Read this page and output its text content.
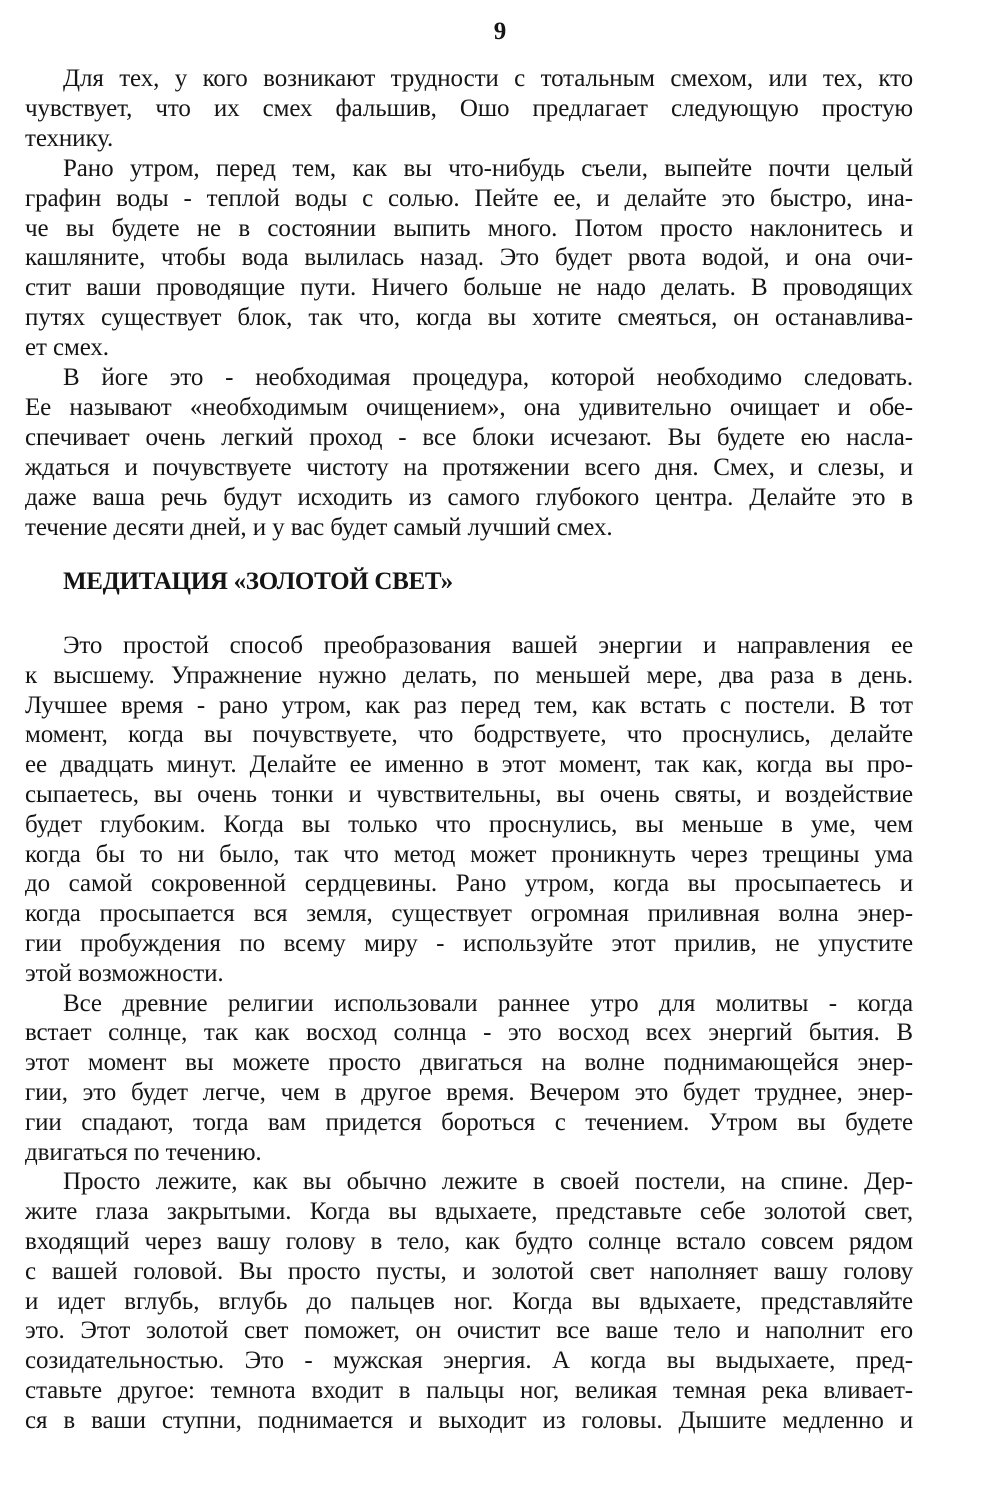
9
МЕДИТАЦИЯ «ЗОЛОТОЙ СВЕТ»
Для тех, у кого возникают трудности с тотальным смехом, или тех, кто
чувствует, что их смех фальшив, Ошо предлагает следующую простую
технику.
Рано утром, перед тем, как вы что-нибудь съели, выпейте почти целый
графин воды - теплой воды с солью. Пейте ее, и делайте это быстро, ина-
че вы будете не в состоянии выпить много. Потом просто наклонитесь и
кашляните, чтобы вода вылилась назад. Это будет рвота водой, и она очи-
стит ваши проводящие пути. Ничего больше не надо делать. В проводящих
путях существует блок, так что, когда вы хотите смеяться, он останавлива-
ет смех.
В йоге это - необходимая процедура, которой необходимо следовать.
Ее называют «необходимым очищением», она удивительно очищает и обе-
спечивает очень легкий проход - все блоки исчезают. Вы будете ею насла-
ждаться и почувствуете чистоту на протяжении всего дня. Смех, и слезы, и
даже ваша речь будут исходить из самого глубокого центра. Делайте это в
течение десяти дней, и у вас будет самый лучший смех.
Это простой способ преобразования вашей энергии и направления ее
к высшему. Упражнение нужно делать, по меньшей мере, два раза в день.
Лучшее время - рано утром, как раз перед тем, как встать с постели. В тот
момент, когда вы почувствуете, что бодрствуете, что проснулись, делайте
ее двадцать минут. Делайте ее именно в этот момент, так как, когда вы про-
сыпаетесь, вы очень тонки и чувствительны, вы очень святы, и воздействие
будет глубоким. Когда вы только что проснулись, вы меньше в уме, чем
когда бы то ни было, так что метод может проникнуть через трещины ума
до самой сокровенной сердцевины. Рано утром, когда вы просыпаетесь и
когда просыпается вся земля, существует огромная приливная волна энер-
гии пробуждения по всему миру - используйте этот прилив, не упустите
этой возможности.
Все древние религии использовали раннее утро для молитвы - когда
встает солнце, так как восход солнца - это восход всех энергий бытия. В
этот момент вы можете просто двигаться на волне поднимающейся энер-
гии, это будет легче, чем в другое время. Вечером это будет труднее, энер-
гии спадают, тогда вам придется бороться с течением. Утром вы будете
двигаться по течению.
Просто лежите, как вы обычно лежите в своей постели, на спине. Дер-
жите глаза закрытыми. Когда вы вдыхаете, представьте себе золотой свет,
входящий через вашу голову в тело, как будто солнце встало совсем рядом
с вашей головой. Вы просто пусты, и золотой свет наполняет вашу голову
и идет вглубь, вглубь до пальцев ног. Когда вы вдыхаете, представляйте
это. Этот золотой свет поможет, он очистит все ваше тело и наполнит его
созидательностью. Это - мужская энергия. А когда вы выдыхаете, пред-
ставьте другое: темнота входит в пальцы ног, великая темная река вливает-
ся в ваши ступни, поднимается и выходит из головы. Дышите медленно и
